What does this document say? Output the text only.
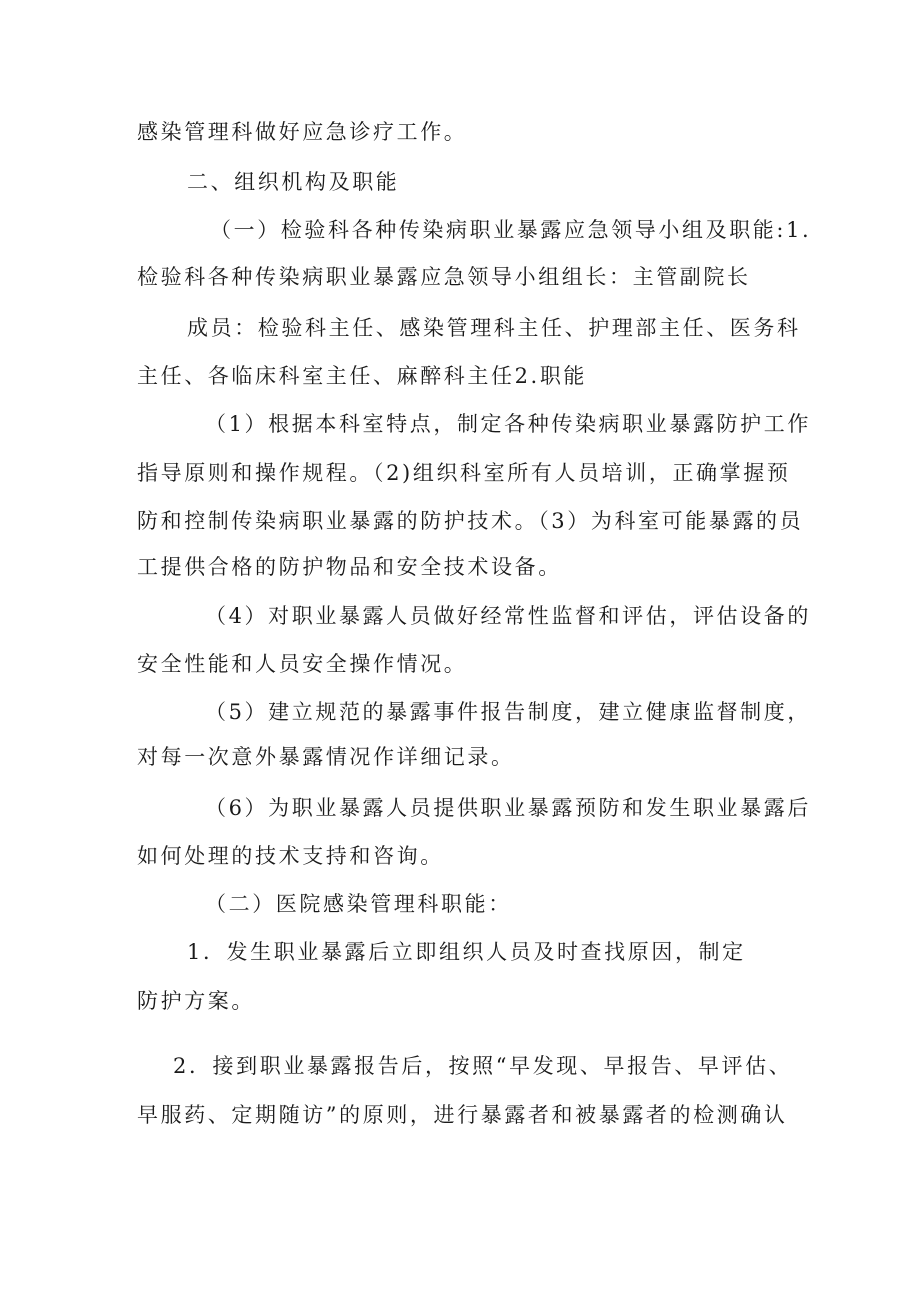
感染管理科做好应急诊疗工作。
二、组织机构及职能
（一）检验科各种传染病职业暴露应急领导小组及职能:1.
检验科各种传染病职业暴露应急领导小组组长：主管副院长
成员：检验科主任、感染管理科主任、护理部主任、医务科
主任、各临床科室主任、麻醉科主任2.职能
（1）根据本科室特点，制定各种传染病职业暴露防护工作
指导原则和操作规程。（2)组织科室所有人员培训，正确掌握预
防和控制传染病职业暴露的防护技术。（3）为科室可能暴露的员
工提供合格的防护物品和安全技术设备。
（4）对职业暴露人员做好经常性监督和评估，评估设备的
安全性能和人员安全操作情况。
（5）建立规范的暴露事件报告制度，建立健康监督制度，
对每一次意外暴露情况作详细记录。
（6）为职业暴露人员提供职业暴露预防和发生职业暴露后
如何处理的技术支持和咨询。
（二）医院感染管理科职能：
1．发生职业暴露后立即组织人员及时查找原因，制定
防护方案。
2．接到职业暴露报告后，按照“早发现、早报告、早评估、
早服药、定期随访”的原则，进行暴露者和被暴露者的检测确认
